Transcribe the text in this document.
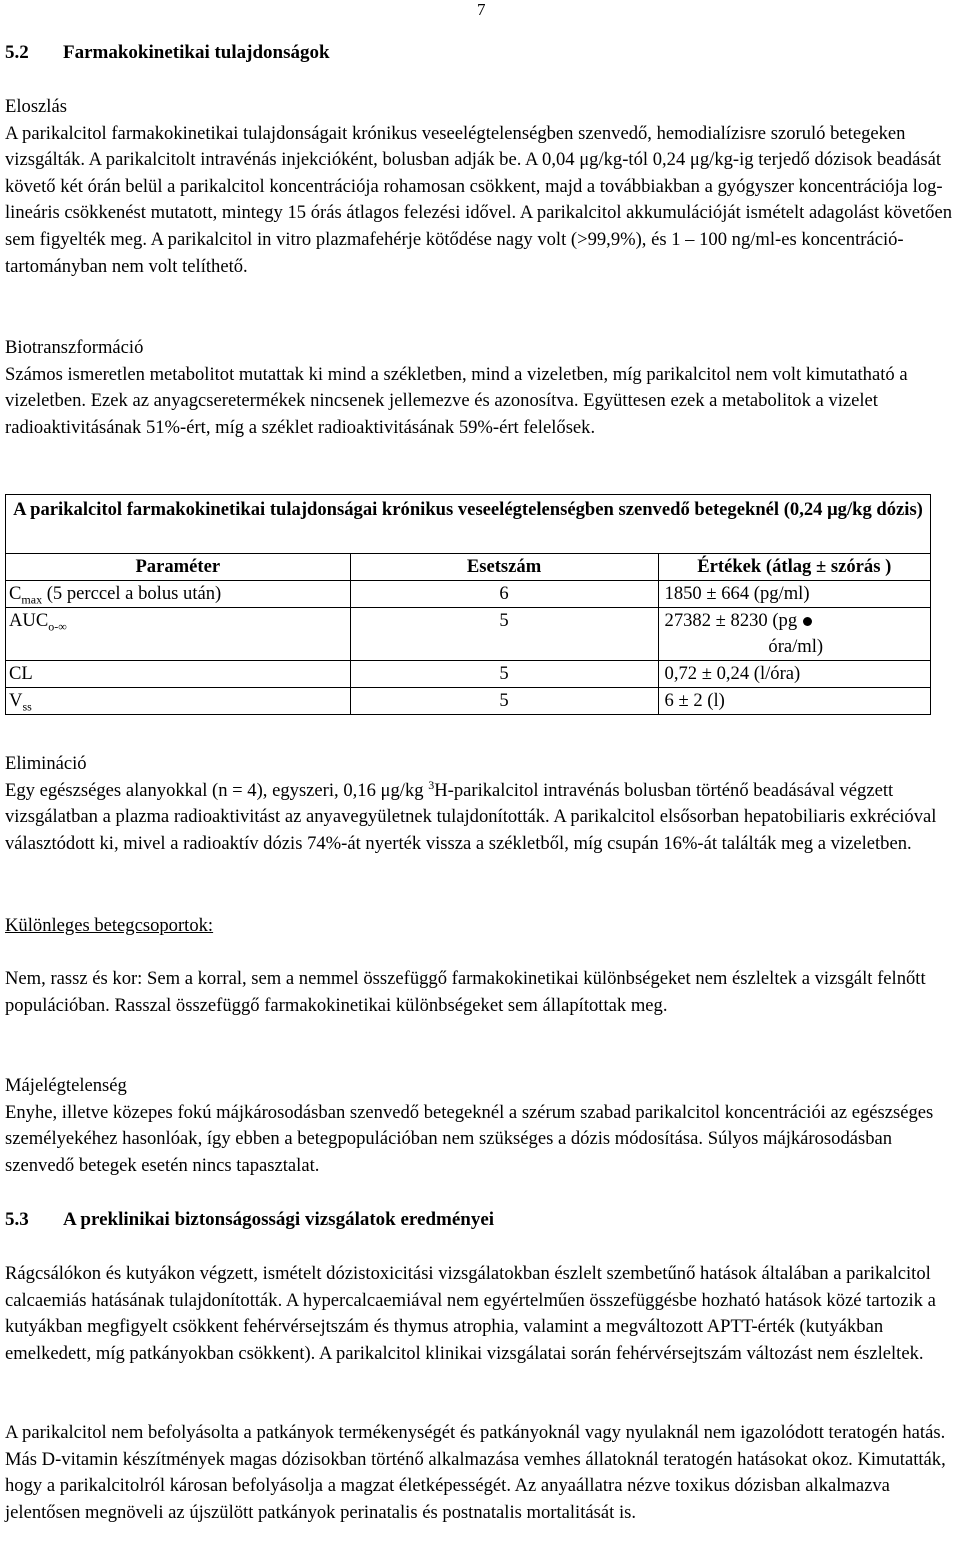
7
5.2 Farmakokinetikai tulajdonságok

Eloszlás

A parikalcitol farmakokinetikai tulajdonságait krónikus veseelégtelenségben szenvedő, hemodialízisre szoruló betegeken vizsgálták. A parikalcitolt intravénás injekcióként, bolusban adják be. A 0,04 μg/kg-tól 0,24 μg/kg-ig terjedő dózisok beadását követő két órán belül a parikalcitol koncentrációja rohamosan csökkent, majd a továbbiakban a gyógyszer koncentrációja log-lineáris csökkenést mutatott, mintegy 15 órás átlagos felezési idővel. A parikalcitol akkumulációját ismételt adagolást követően sem figyelték meg. A parikalcitol in vitro plazmafehérje kötődése nagy volt (>99,9%), és 1 – 100 ng/ml-es koncentráció-tartományban nem volt telíthető.

Biotranszformáció

Számos ismeretlen metabolitot mutattak ki mind a székletben, mind a vizeletben, míg parikalcitol nem volt kimutatható a vizeletben. Ezek az anyagcseretermékek nincsenek jellemezve és azonosítva. Együttesen ezek a metabolitok a vizelet radioaktivitásának 51%-ért, míg a széklet radioaktivitásának 59%-ért felelősek.

A parikalcitol farmakokinetikai tulajdonságai krónikus veseelégtelenségben szenvedő betegeknél (0,24 μg/kg dózis)		
Paraméter	Esetszám	Értékek (átlag ± szórás )
$C_{max}$ (5 perccel a bolus után)	6	1850 ± 664 (pg/ml)
$AUC_{o-\infty}$	5	27382 ± 8230 (pg
óra/ml)
CL	5	0,72 ± 0,24 (l/óra)
$V_{ss}$	5	6 ± 2 (l)

Elimináció

Egy egészséges alanyokkal (n = 4), egyszeri, 0,16 μg/kg $^3$H-parikalcitol intravénás bolusban történő beadásával végzett vizsgálatban a plazma radioaktivitást az anyavegyületnek tulajdonították. A parikalcitol elsősorban hepatobiliaris exkrécióval választódott ki, mivel a radioaktív dózis 74%-át nyerték vissza a székletből, míg csupán 16%-át találták meg a vizeletben.

Különleges betegcsoportok:

Nem, rassz és kor: Sem a korral, sem a nemmel összefüggő farmakokinetikai különbségeket nem észleltek a vizsgált felnőtt populációban. Rasszal összefüggő farmakokinetikai különbségeket sem állapítottak meg.

Májelégtelenség

Enyhe, illetve közepes fokú májkárosodásban szenvedő betegeknél a szérum szabad parikalcitol koncentrációi az egészséges személyekéhez hasonlóak, így ebben a betegpopulációban nem szükséges a dózis módosítása. Súlyos májkárosodásban szenvedő betegek esetén nincs tapasztalat.

5.3 A preklinikai biztonságossági vizsgálatok eredményei

Rágcsálókon és kutyákon végzett, ismételt dózistoxicitási vizsgálatokban észlelt szembetűnő hatások általában a parikalcitol calcaemiás hatásának tulajdonították. A hypercalcaemiával nem egyértelműen összefüggésbe hozható hatások közé tartozik a kutyákban megfigyelt csökkent fehérvérsejtszám és thymus atrophia, valamint a megváltozott APTT-érték (kutyákban emelkedett, míg patkányokban csökkent). A parikalcitol klinikai vizsgálatai során fehérvérsejtszám változást nem észleltek.

A parikalcitol nem befolyásolta a patkányok termékenységét és patkányoknál vagy nyulaknál nem igazolódott teratogén hatás. Más D-vitamin készítmények magas dózisokban történő alkalmazása vemhes állatoknál teratogén hatásokat okoz. Kimutatták, hogy a parikalcitolról károsan befolyásolja a magzat életképességét. Az anyaállatra nézve toxikus dózisban alkalmazva jelentősen megnöveli az újszülött patkányok perinatalis és postnatalis mortalitását is.
